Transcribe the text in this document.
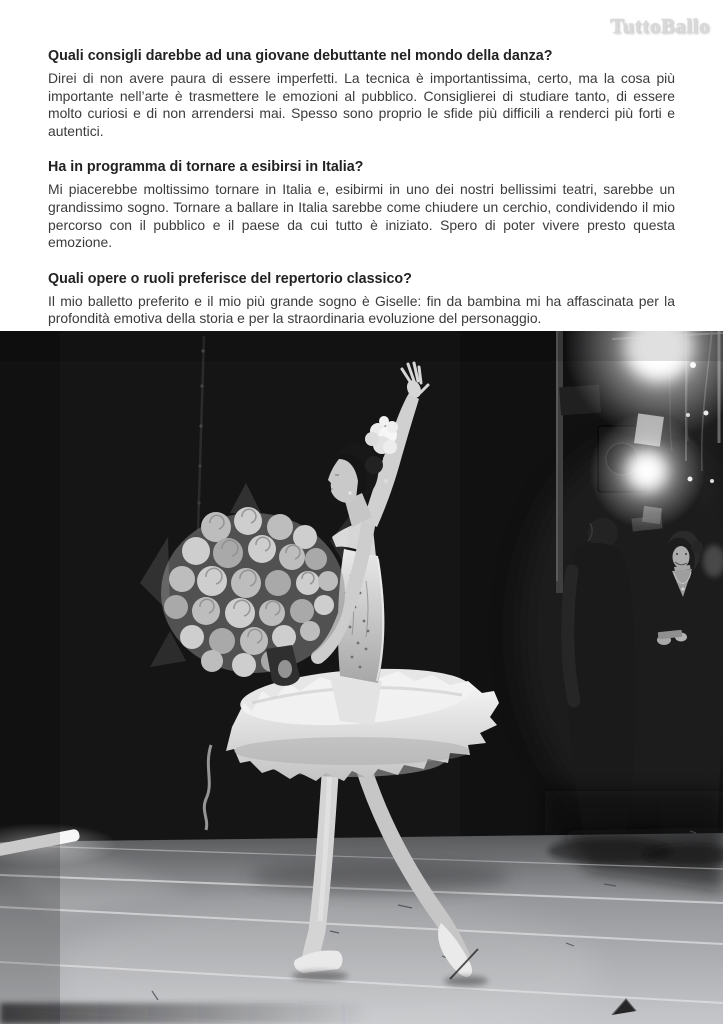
TuttoBallo
Quali consigli darebbe ad una giovane debuttante nel mondo della danza?

Direi di non avere paura di essere imperfetti. La tecnica è importantissima, certo, ma la cosa più importante nell’arte è trasmettere le emozioni al pubblico. Consiglierei di studiare tanto, di essere molto curiosi e di non arrendersi mai. Spesso sono proprio le sfide più difficili a renderci più forti e autentici.

Ha in programma di tornare a esibirsi in Italia?

Mi piacerebbe moltissimo tornare in Italia e, esibirmi in uno dei nostri bellissimi teatri, sarebbe un grandissimo sogno. Tornare a ballare in Italia sarebbe come chiudere un cerchio, condividendo il mio percorso con il pubblico e il paese da cui tutto è iniziato. Spero di poter vivere presto questa emozione.

Quali opere o ruoli preferisce del repertorio classico?

Il mio balletto preferito e il mio più grande sogno è Giselle: fin da bambina mi ha affascinata per la profondità emotiva della storia e per la straordinaria evoluzione del personaggio.
